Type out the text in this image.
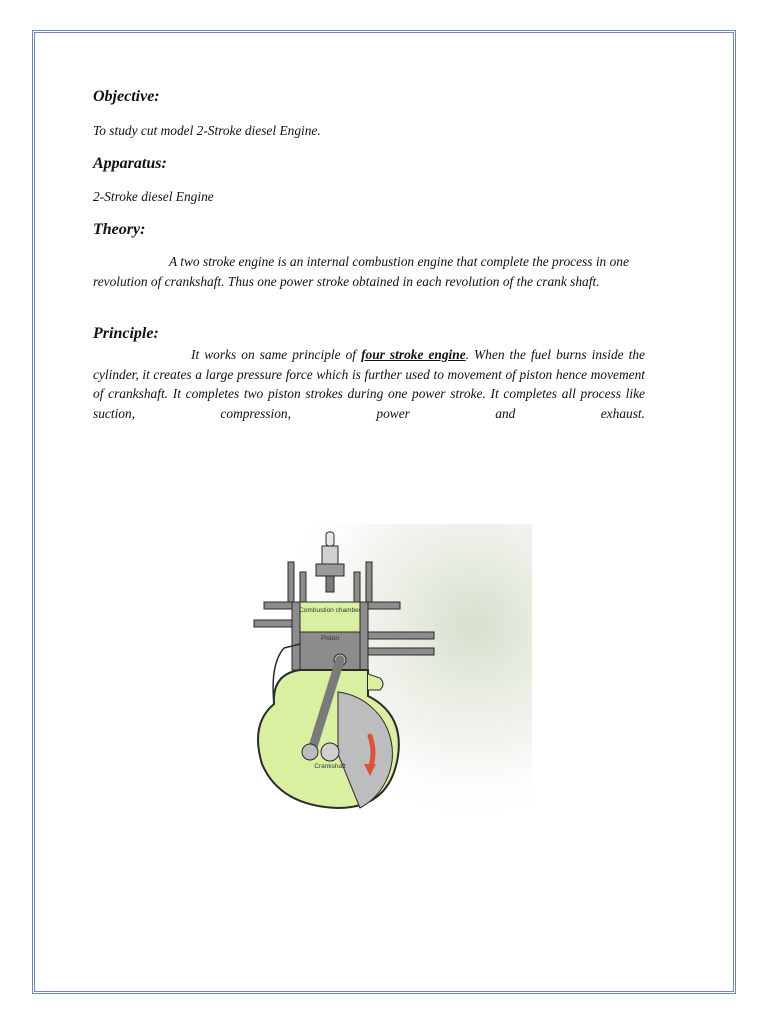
Objective:

To study cut model 2-Stroke diesel Engine.

Apparatus:

2-Stroke diesel Engine

Theory:

A two stroke engine is an internal combustion engine that complete the process in one revolution of crankshaft. Thus one power stroke obtained in each revolution of the crank shaft.

Principle:

It works on same principle of four stroke engine. When the fuel burns inside the cylinder, it creates a large pressure force which is further used to movement of piston hence movement of crankshaft. It completes two piston strokes during one power stroke. It completes all process like suction, compression, power and exhaust.

Combustion chamber
Piston
Crankshaft
